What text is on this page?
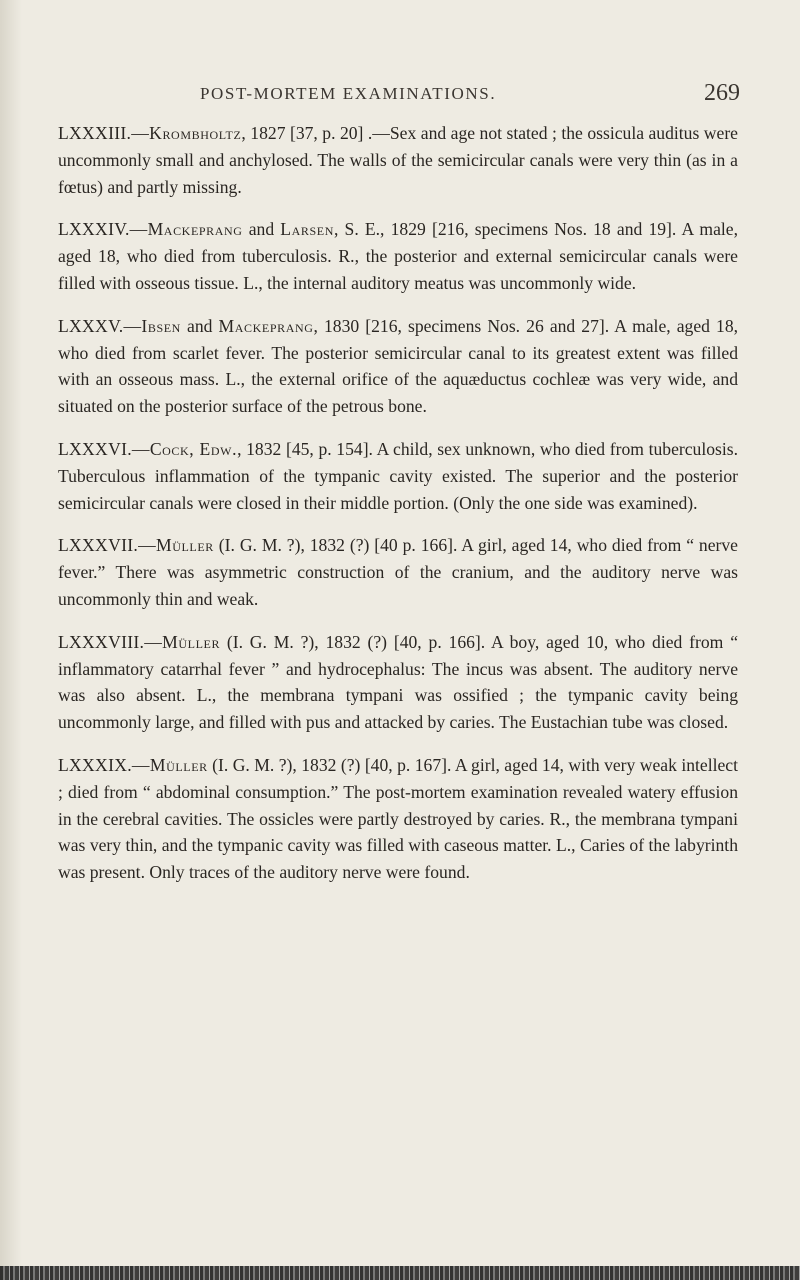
POST-MORTEM EXAMINATIONS.	269

LXXXIII.—Krombholtz, 1827 [37, p. 20] .—Sex and age not stated ; the ossicula auditus were uncommonly small and anchylosed. The walls of the semicircular canals were very thin (as in a fœtus) and partly missing.

LXXXIV.—Mackeprang and Larsen, S. E., 1829 [216, specimens Nos. 18 and 19]. A male, aged 18, who died from tuberculosis. R., the posterior and external semicircular canals were filled with osseous tissue. L., the internal auditory meatus was uncommonly wide.

LXXXV.—Ibsen and Mackeprang, 1830 [216, specimens Nos. 26 and 27]. A male, aged 18, who died from scarlet fever. The posterior semicircular canal to its greatest extent was filled with an osseous mass. L., the external orifice of the aquæductus cochleæ was very wide, and situated on the posterior surface of the petrous bone.

LXXXVI.—Cock, Edw., 1832 [45, p. 154]. A child, sex unknown, who died from tuberculosis. Tuberculous inflammation of the tympanic cavity existed. The superior and the posterior semicircular canals were closed in their middle portion. (Only the one side was examined).

LXXXVII.—Müller (I. G. M. ?), 1832 (?) [40 p. 166]. A girl, aged 14, who died from “ nerve fever.” There was asymmetric construction of the cranium, and the auditory nerve was uncommonly thin and weak.

LXXXVIII.—Müller (I. G. M. ?), 1832 (?) [40, p. 166]. A boy, aged 10, who died from “ inflammatory catarrhal fever ” and hydrocephalus: The incus was absent. The auditory nerve was also absent. L., the membrana tympani was ossified ; the tympanic cavity being uncommonly large, and filled with pus and attacked by caries. The Eustachian tube was closed.

LXXXIX.—Müller (I. G. M. ?), 1832 (?) [40, p. 167]. A girl, aged 14, with very weak intellect ; died from “ abdominal consumption.” The post-mortem examination revealed watery effusion in the cerebral cavities. The ossicles were partly destroyed by caries. R., the membrana tympani was very thin, and the tympanic cavity was filled with caseous matter. L., Caries of the labyrinth was present. Only traces of the auditory nerve were found.
